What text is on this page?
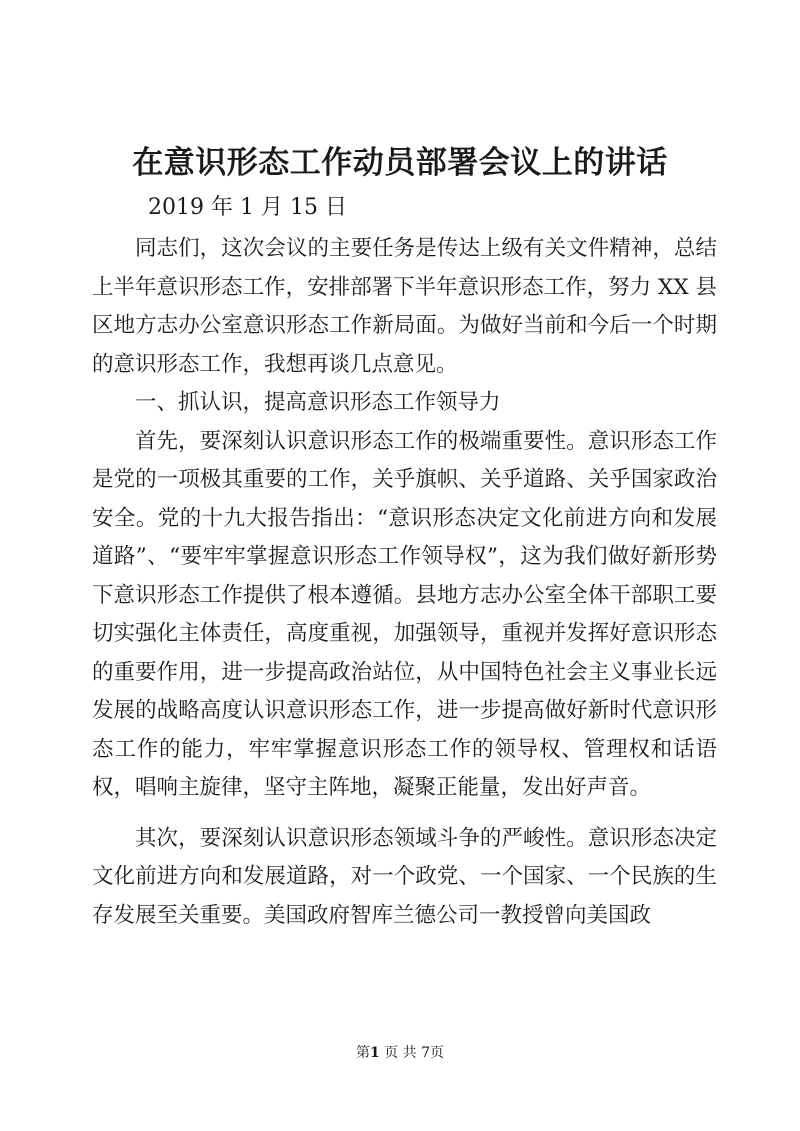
在意识形态工作动员部署会议上的讲话

2019 年 1 月 15 日

同志们，这次会议的主要任务是传达上级有关文件精神，总结上半年意识形态工作，安排部署下半年意识形态工作，努力 XX 县区地方志办公室意识形态工作新局面。为做好当前和今后一个时期的意识形态工作，我想再谈几点意见。

一、抓认识，提高意识形态工作领导力

首先，要深刻认识意识形态工作的极端重要性。意识形态工作是党的一项极其重要的工作，关乎旗帜、关乎道路、关乎国家政治安全。党的十九大报告指出：“意识形态决定文化前进方向和发展道路”、“要牢牢掌握意识形态工作领导权”，这为我们做好新形势下意识形态工作提供了根本遵循。县地方志办公室全体干部职工要切实强化主体责任，高度重视，加强领导，重视并发挥好意识形态的重要作用，进一步提高政治站位，从中国特色社会主义事业长远发展的战略高度认识意识形态工作，进一步提高做好新时代意识形态工作的能力，牢牢掌握意识形态工作的领导权、管理权和话语权，唱响主旋律，坚守主阵地，凝聚正能量，发出好声音。

其次，要深刻认识意识形态领域斗争的严峻性。意识形态决定文化前进方向和发展道路，对一个政党、一个国家、一个民族的生存发展至关重要。美国政府智库兰德公司一教授曾向美国政

第1 页 共 7页
